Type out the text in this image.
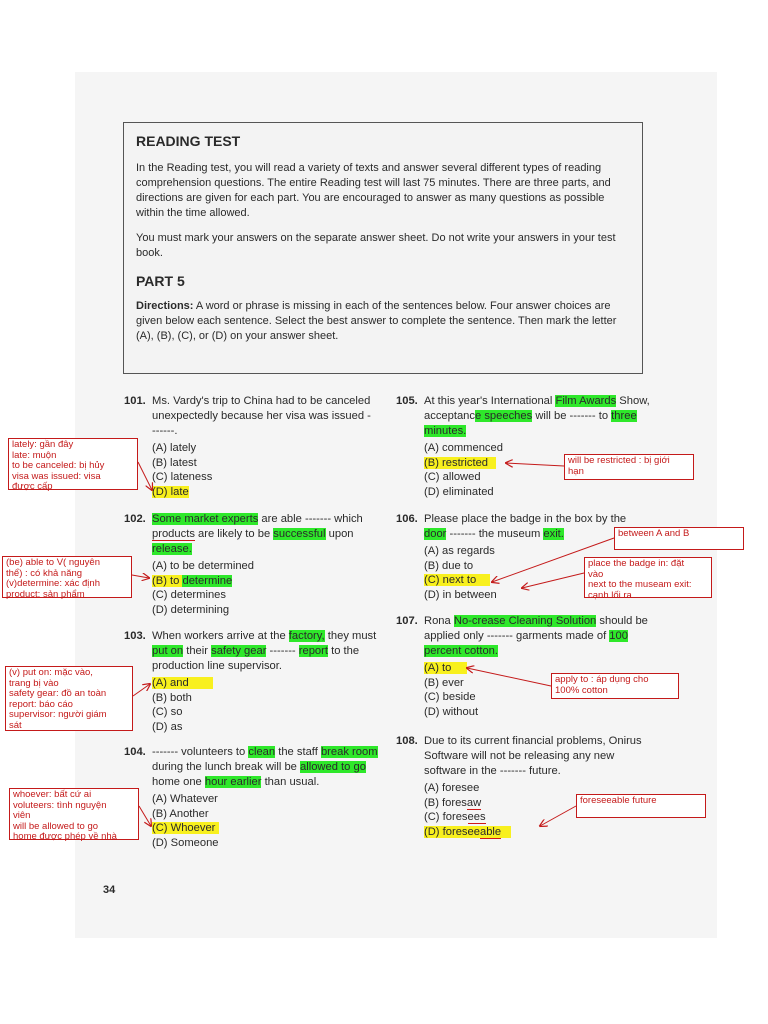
READING TEST

In the Reading test, you will read a variety of texts and answer several different types of reading comprehension questions. The entire Reading test will last 75 minutes. There are three parts, and directions are given for each part. You are encouraged to answer as many questions as possible within the time allowed.

You must mark your answers on the separate answer sheet. Do not write your answers in your test book.

PART 5

Directions: A word or phrase is missing in each of the sentences below. Four answer choices are given below each sentence. Select the best answer to complete the sentence. Then mark the letter (A), (B), (C), or (D) on your answer sheet.

101. Ms. Vardy's trip to China had to be canceled unexpectedly because her visa was issued -------.
(A) lately
(B) latest
(C) lateness
(D) late
102. Some market experts are able ------- which products are likely to be successful upon release.
(A) to be determined
(B) to determine
(C) determines
(D) determining
103. When workers arrive at the factory, they must put on their safety gear ------- report to the production line supervisor.
(A) and
(B) both
(C) so
(D) as
104. ------- volunteers to clean the staff break room during the lunch break will be allowed to go home one hour earlier than usual.
(A) Whatever
(B) Another
(C) Whoever
(D) Someone
105. At this year's International Film Awards Show, acceptance speeches will be ------- to three minutes.
(A) commenced
(B) restricted
(C) allowed
(D) eliminated
106. Please place the badge in the box by the door ------- the museum exit.
(A) as regards
(B) due to
(C) next to
(D) in between
107. Rona No-crease Cleaning Solution should be applied only ------- garments made of 100 percent cotton.
(A) to
(B) ever
(C) beside
(D) without
108. Due to its current financial problems, Onirus Software will not be releasing any new software in the ------- future.
(A) foresee
(B) foresaw
(C) foresees
(D) foreseeable
lately: gần đây
late: muộn
to be canceled: bị hủy
visa was issued: visa
được cấp
(be) able to V( nguyên
thể) : có khả năng
(v)determine: xác định
product: sản phẩm
(v) put on: mặc vào,
trang bị vào
safety gear: đồ an toàn
report: báo cáo
supervisor: người giám
sát
whoever: bất cứ ai
voluteers: tình nguyện
viên
will be allowed to go
home được phép về nhà
will be restricted : bị giới
hạn
between A and B
place the badge in: đặt
vào
next to the museam exit:
cạnh lối ra
apply to : áp dụng cho
100% cotton
foreseeable future
34
